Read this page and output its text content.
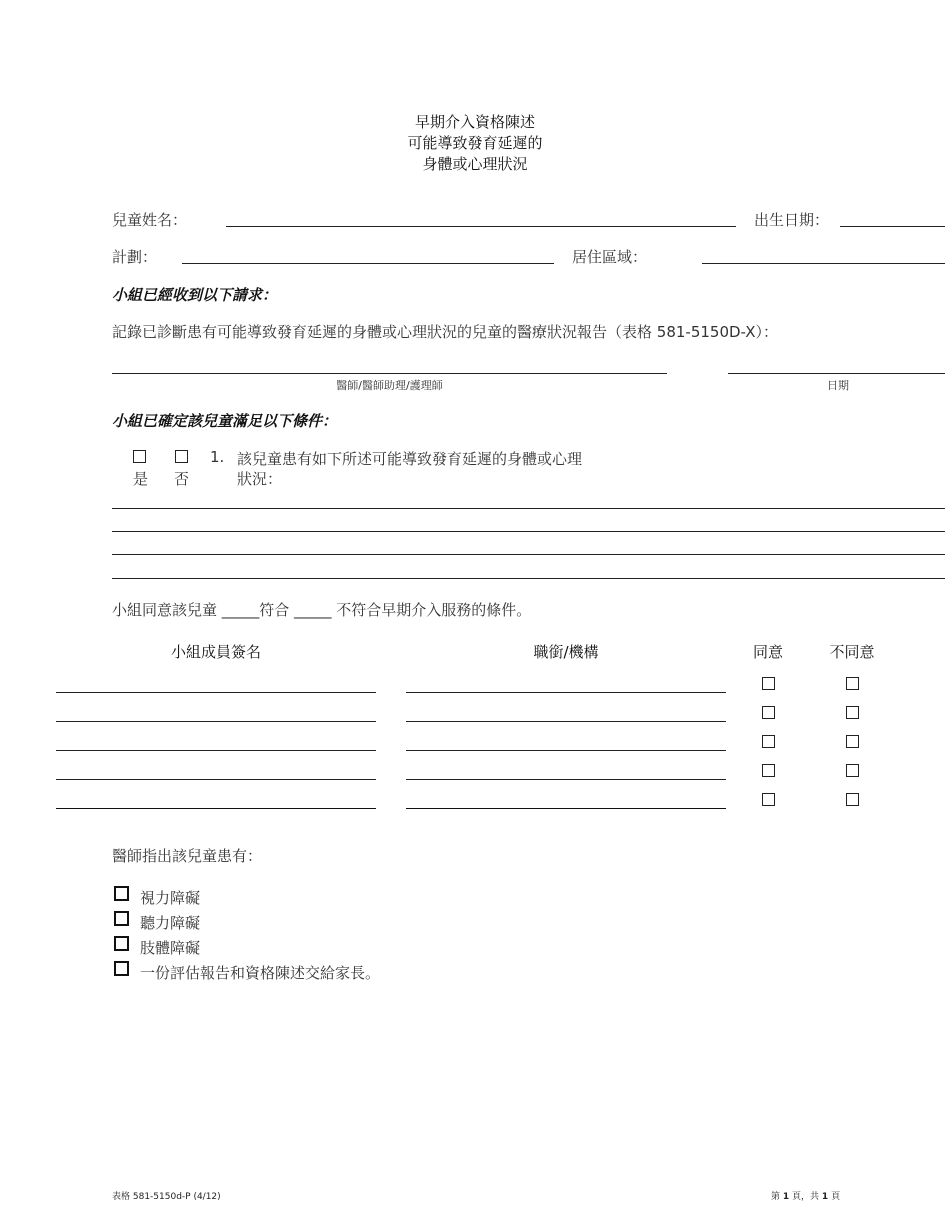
早期介入資格陳述
可能導致發育延遲的
身體或心理狀況
兒童姓名：	出生日期：
計劃：	居住區域：
小組已經收到以下請求：
記錄已診斷患有可能導致發育延遲的身體或心理狀況的兒童的醫療狀況報告（表格 581-5150D-X）：
醫師/醫師助理/護理師	日期
小組已確定該兒童滿足以下條件：
是 否
1. 該兒童患有如下所述可能導致發育延遲的身體或心理
狀況：
小組同意該兒童 _____符合 _____ 不符合早期介入服務的條件。
小組成員簽名	職銜/機構	同意	不同意
醫師指出該兒童患有：
視力障礙
聽力障礙
肢體障礙
一份評估報告和資格陳述交給家長。
表格 581-5150d-P (4/12)	第 1 頁，共 1 頁
